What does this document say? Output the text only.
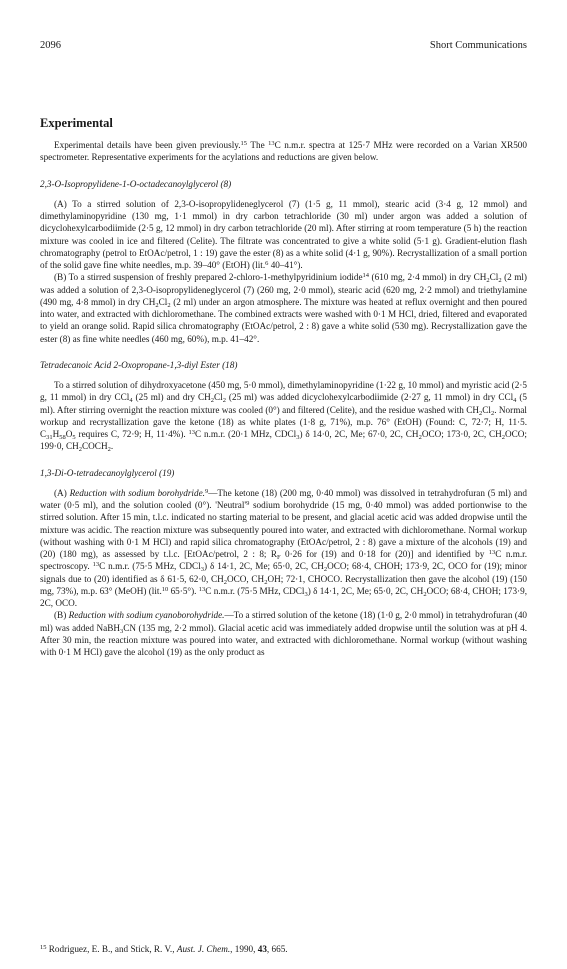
2096	Short Communications
Experimental

Experimental details have been given previously.$^{15}$ The $^{13}$C n.m.r. spectra at 125·7 MHz were recorded on a Varian XR500 spectrometer. Representative experiments for the acylations and reductions are given below.

2,3-O-Isopropylidene-1-O-octadecanoylglycerol (8)

(A) To a stirred solution of 2,3-O-isopropylideneglycerol (7) (1·5 g, 11 mmol), stearic acid (3·4 g, 12 mmol) and dimethylaminopyridine (130 mg, 1·1 mmol) in dry carbon tetrachloride (30 ml) under argon was added a solution of dicyclohexylcarbodiimide (2·5 g, 12 mmol) in dry carbon tetrachloride (20 ml). After stirring at room temperature (5 h) the reaction mixture was cooled in ice and filtered (Celite). The filtrate was concentrated to give a white solid (5·1 g). Gradient-elution flash chromatography (petrol to EtOAc/petrol, 1 : 19) gave the ester (8) as a white solid (4·1 g, 90%). Recrystallization of a small portion of the solid gave fine white needles, m.p. 39–40° (EtOH) (lit.$^6$ 40–41°).

(B) To a stirred suspension of freshly prepared 2-chloro-1-methylpyridinium iodide$^{14}$ (610 mg, 2·4 mmol) in dry $CH_2Cl_2$ (2 ml) was added a solution of 2,3-O-isopropylideneglycerol (7) (260 mg, 2·0 mmol), stearic acid (620 mg, 2·2 mmol) and triethylamine (490 mg, 4·8 mmol) in dry $CH_2Cl_2$ (2 ml) under an argon atmosphere. The mixture was heated at reflux overnight and then poured into water, and extracted with dichloromethane. The combined extracts were washed with 0·1 M HCl, dried, filtered and evaporated to yield an orange solid. Rapid silica chromatography (EtOAc/petrol, 2 : 8) gave a white solid (530 mg). Recrystallization gave the ester (8) as fine white needles (460 mg, 60%), m.p. 41–42°.

Tetradecanoic Acid 2-Oxopropane-1,3-diyl Ester (18)

To a stirred solution of dihydroxyacetone (450 mg, 5·0 mmol), dimethylaminopyridine (1·22 g, 10 mmol) and myristic acid (2·5 g, 11 mmol) in dry CCl$_4$ (25 ml) and dry $CH_2Cl_2$ (25 ml) was added dicyclohexylcarbodiimide (2·27 g, 11 mmol) in dry CCl$_4$ (5 ml). After stirring overnight the reaction mixture was cooled (0°) and filtered (Celite), and the residue washed with $CH_2Cl_2$. Normal workup and recrystallization gave the ketone (18) as white plates (1·8 g, 71%), m.p. 76° (EtOH) (Found: C, 72·7; H, 11·5. $C_{31}H_{58}O_5$ requires C, 72·9; H, 11·4%). $^{13}$C n.m.r. (20·1 MHz, CDCl$_3$) δ 14·0, 2C, Me; 67·0, 2C, $CH_2OCO$; 173·0, 2C, $CH_2OCO$; 199·0, $CH_2COCH_2$.

1,3-Di-O-tetradecanoylglycerol (19)

(A) Reduction with sodium borohydride.$^9$—The ketone (18) (200 mg, 0·40 mmol) was dissolved in tetrahydrofuran (5 ml) and water (0·5 ml), and the solution cooled (0°). '$Neutral'^9$ sodium borohydride (15 mg, 0·40 mmol) was added portionwise to the stirred solution. After 15 min, t.l.c. indicated no starting material to be present, and glacial acetic acid was added dropwise until the mixture was acidic. The reaction mixture was subsequently poured into water, and extracted with dichloromethane. Normal workup (without washing with 0·1 M HCl) and rapid silica chromatography (EtOAc/petrol, 2 : 8) gave a mixture of the alcohols (19) and (20) (180 mg), as assessed by t.l.c. [EtOAc/petrol, 2 : 8; $R_F$ 0·26 for (19) and 0·18 for (20)] and identified by $^{13}$C n.m.r. spectroscopy. $^{13}$C n.m.r. (75·5 MHz, CDCl$_3$) δ 14·1, 2C, Me; 65·0, 2C, $CH_2OCO$; 68·4, CHOH; 173·9, 2C, OCO for (19); minor signals due to (20) identified as δ 61·5, 62·0, $CH_2OCO$, $CH_2OH$; 72·1, CHOCO. Recrystallization then gave the alcohol (19) (150 mg, 73%), m.p. 63° (MeOH) (lit.$^{10}$ 65·5°). $^{13}$C n.m.r. (75·5 MHz, CDCl$_3$) δ 14·1, 2C, Me; 65·0, 2C, $CH_2OCO$; 68·4, CHOH; 173·9, 2C, OCO.

(B) Reduction with sodium cyanoborohydride.—To a stirred solution of the ketone (18) (1·0 g, 2·0 mmol) in tetrahydrofuran (40 ml) was added NaBH$_3$CN (135 mg, 2·2 mmol). Glacial acetic acid was immediately added dropwise until the solution was at pH 4. After 30 min, the reaction mixture was poured into water, and extracted with dichloromethane. Normal workup (without washing with 0·1 M HCl) gave the alcohol (19) as the only product as

$^{15}$ Rodriguez, E. B., and Stick, R. V., Aust. J. Chem., 1990, 43, 665.
